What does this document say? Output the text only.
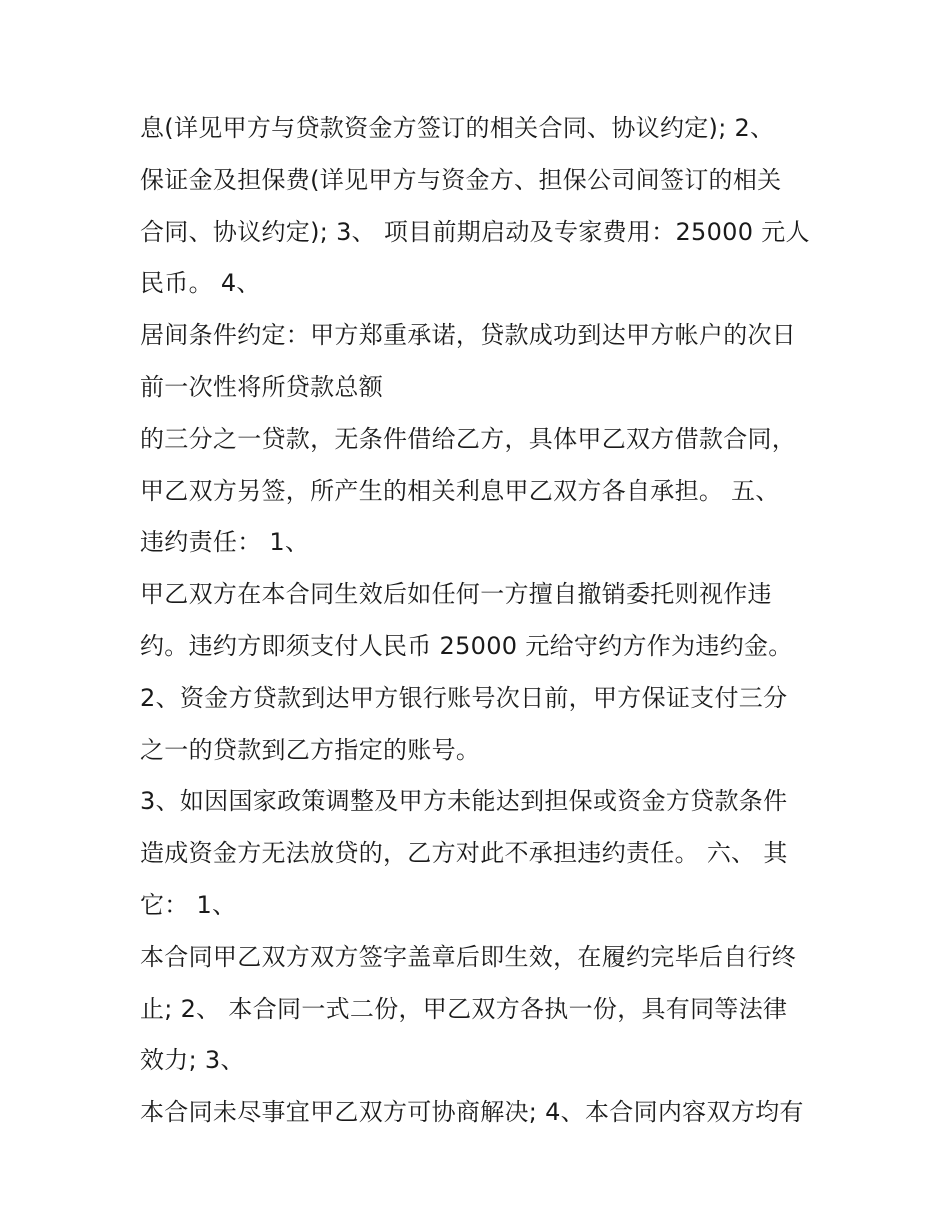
息(详见甲方与贷款资金方签订的相关合同、协议约定); 2、
保证金及担保费(详见甲方与资金方、担保公司间签订的相关
合同、协议约定); 3、 项目前期启动及专家费用：25000 元人
民币。 4、
居间条件约定：甲方郑重承诺，贷款成功到达甲方帐户的次日
前一次性将所贷款总额
的三分之一贷款，无条件借给乙方，具体甲乙双方借款合同，
甲乙双方另签，所产生的相关利息甲乙双方各自承担。 五、
违约责任： 1、
甲乙双方在本合同生效后如任何一方擅自撤销委托则视作违
约。违约方即须支付人民币 25000 元给守约方作为违约金。
2、资金方贷款到达甲方银行账号次日前，甲方保证支付三分
之一的贷款到乙方指定的账号。
3、如因国家政策调整及甲方未能达到担保或资金方贷款条件
造成资金方无法放贷的，乙方对此不承担违约责任。 六、 其
它： 1、
本合同甲乙双方双方签字盖章后即生效，在履约完毕后自行终
止; 2、 本合同一式二份，甲乙双方各执一份，具有同等法律
效力; 3、
本合同未尽事宜甲乙双方可协商解决; 4、本合同内容双方均有
